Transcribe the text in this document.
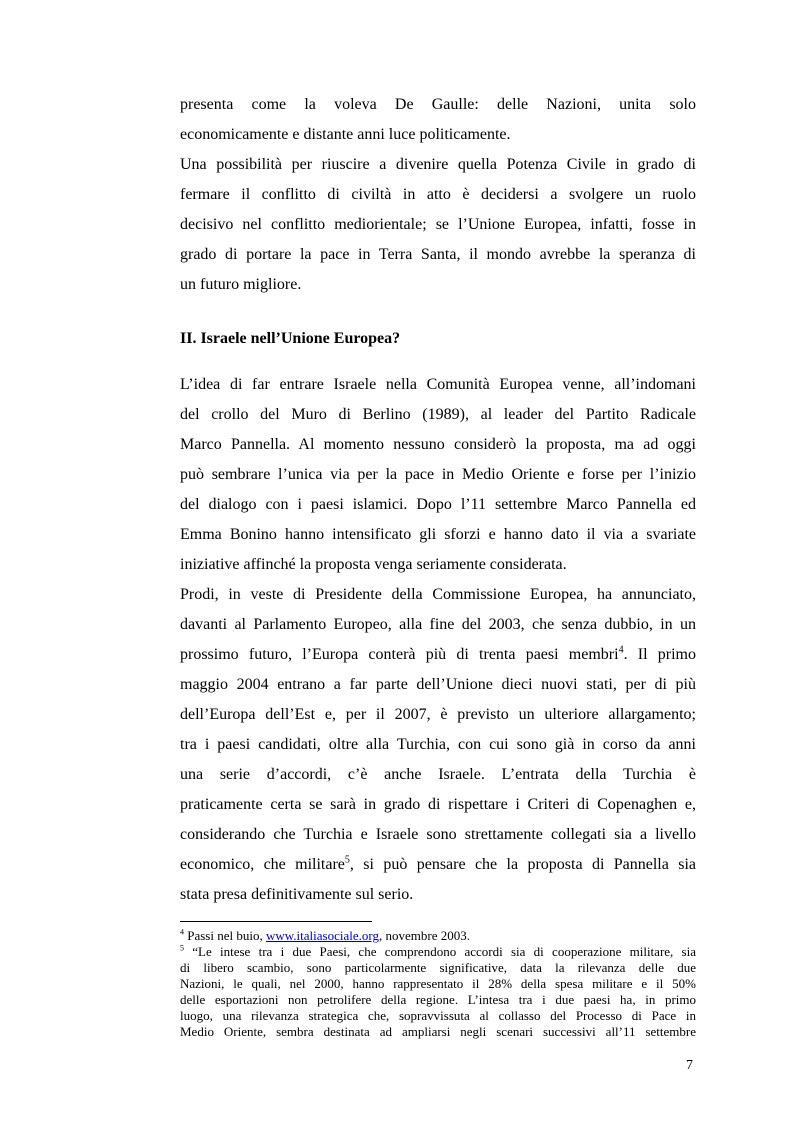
presenta come la voleva De Gaulle: delle Nazioni, unita solo
economicamente e distante anni luce politicamente.
Una possibilità per riuscire a divenire quella Potenza Civile in grado di
fermare il conflitto di civiltà in atto è decidersi a svolgere un ruolo
decisivo nel conflitto mediorientale; se l’Unione Europea, infatti, fosse in
grado di portare la pace in Terra Santa, il mondo avrebbe la speranza di
un futuro migliore.
II. Israele nell’Unione Europea?
L’idea di far entrare Israele nella Comunità Europea venne, all’indomani
del crollo del Muro di Berlino (1989), al leader del Partito Radicale
Marco Pannella. Al momento nessuno considerò la proposta, ma ad oggi
può sembrare l’unica via per la pace in Medio Oriente e forse per l’inizio
del dialogo con i paesi islamici. Dopo l’11 settembre Marco Pannella ed
Emma Bonino hanno intensificato gli sforzi e hanno dato il via a svariate
iniziative affinché la proposta venga seriamente considerata.
Prodi, in veste di Presidente della Commissione Europea, ha annunciato,
davanti al Parlamento Europeo, alla fine del 2003, che senza dubbio, in un
prossimo futuro, l’Europa conterà più di trenta paesi membri$^4$. Il primo
maggio 2004 entrano a far parte dell’Unione dieci nuovi stati, per di più
dell’Europa dell’Est e, per il 2007, è previsto un ulteriore allargamento;
tra i paesi candidati, oltre alla Turchia, con cui sono già in corso da anni
una serie d’accordi, c’è anche Israele. L’entrata della Turchia è
praticamente certa se sarà in grado di rispettare i Criteri di Copenaghen e,
considerando che Turchia e Israele sono strettamente collegati sia a livello
economico, che militare$^5$, si può pensare che la proposta di Pannella sia
stata presa definitivamente sul serio.
$^4$ Passi nel buio, www.italiasociale.org, novembre 2003.
$^5$ “Le intese tra i due Paesi, che comprendono accordi sia di cooperazione militare, sia
di libero scambio, sono particolarmente significative, data la rilevanza delle due
Nazioni, le quali, nel 2000, hanno rappresentato il 28% della spesa militare e il 50%
delle esportazioni non petrolifere della regione. L’intesa tra i due paesi ha, in primo
luogo, una rilevanza strategica che, sopravvissuta al collasso del Processo di Pace in
Medio Oriente, sembra destinata ad ampliarsi negli scenari successivi all’11 settembre
7
